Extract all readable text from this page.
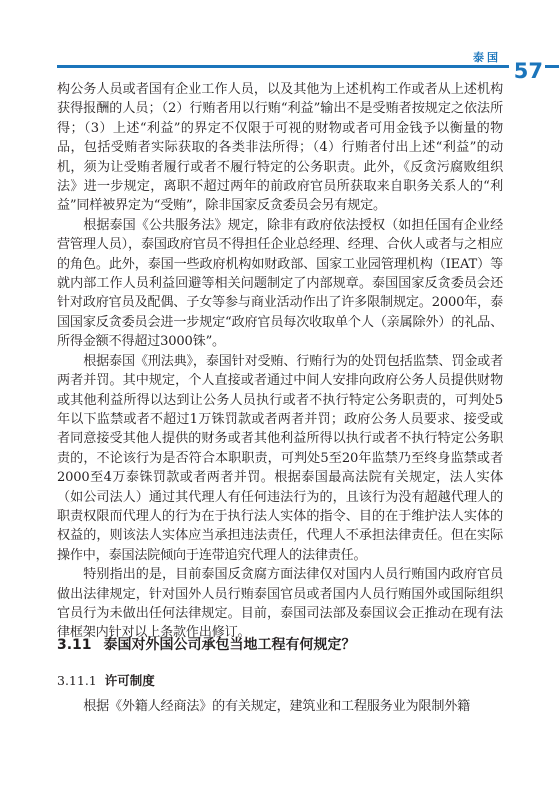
泰国
57

构公务人员或者国有企业工作人员，以及其他为上述机构工作或者从上述机构获得报酬的人员；（2）行贿者用以行贿“利益”输出不是受贿者按规定之依法所得；（3）上述“利益”的界定不仅限于可视的财物或者可用金钱予以衡量的物品，包括受贿者实际获取的各类非法所得；（4）行贿者付出上述“利益”的动机，须为让受贿者履行或者不履行特定的公务职责。此外，《反贪污腐败组织法》进一步规定，离职不超过两年的前政府官员所获取来自职务关系人的“利益”同样被界定为“受贿”，除非国家反贪委员会另有规定。

根据泰国《公共服务法》规定，除非有政府依法授权（如担任国有企业经营管理人员），泰国政府官员不得担任企业总经理、经理、合伙人或者与之相应的角色。此外，泰国一些政府机构如财政部、国家工业园管理机构（IEAT）等就内部工作人员利益回避等相关问题制定了内部规章。泰国国家反贪委员会还针对政府官员及配偶、子女等参与商业活动作出了许多限制规定。2000年，泰国国家反贪委员会进一步规定“政府官员每次收取单个人（亲属除外）的礼品、所得金额不得超过3000铢”。

根据泰国《刑法典》，泰国针对受贿、行贿行为的处罚包括监禁、罚金或者两者并罚。其中规定，个人直接或者通过中间人安排向政府公务人员提供财物或其他利益所得以达到让公务人员执行或者不执行特定公务职责的，可判处5年以下监禁或者不超过1万铢罚款或者两者并罚；政府公务人员要求、接受或者同意接受其他人提供的财务或者其他利益所得以执行或者不执行特定公务职责的，不论该行为是否符合本职职责，可判处5至20年监禁乃至终身监禁或者2000至4万泰铢罚款或者两者并罚。根据泰国最高法院有关规定，法人实体（如公司法人）通过其代理人有任何违法行为的，且该行为没有超越代理人的职责权限而代理人的行为在于执行法人实体的指令、目的在于维护法人实体的权益的，则该法人实体应当承担违法责任，代理人不承担法律责任。但在实际操作中，泰国法院倾向于连带追究代理人的法律责任。

特别指出的是，目前泰国反贪腐方面法律仅对国内人员行贿国内政府官员做出法律规定，针对国外人员行贿泰国官员或者国内人员行贿国外或国际组织官员行为未做出任何法律规定。目前，泰国司法部及泰国议会正推动在现有法律框架内针对以上条款作出修订。

3.11 泰国对外国公司承包当地工程有何规定？
3.11.1 许可制度
根据《外籍人经商法》的有关规定，建筑业和工程服务业为限制外籍
